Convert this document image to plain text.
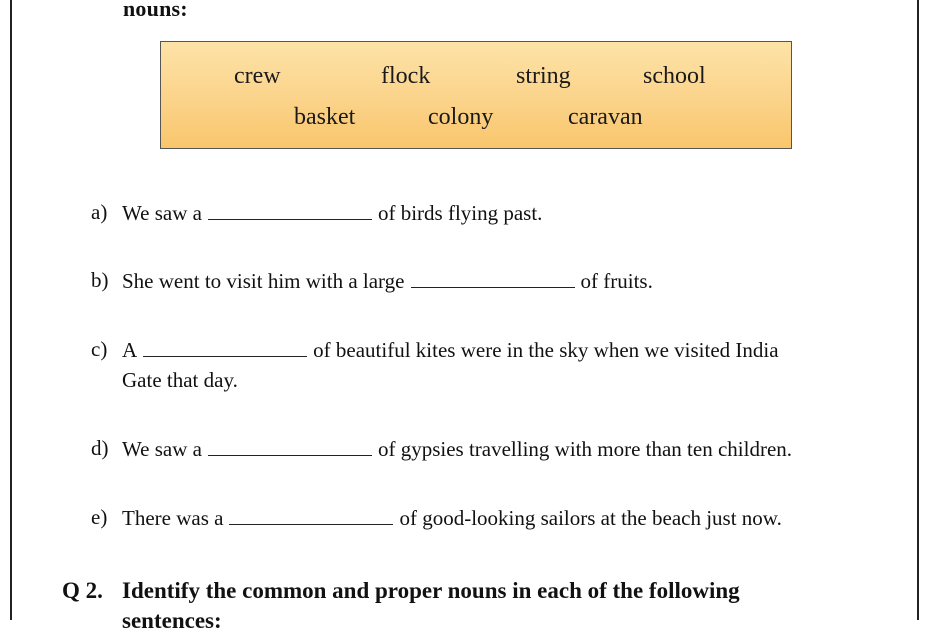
nouns:
crew	flock	string	school
basket	colony	caravan
a) We saw a	of birds flying past.
b) She went to visit him with a large	of fruits.
c) A	of beautiful kites were in the sky when we visited India
Gate that day.
d) We saw a	of gypsies travelling with more than ten children.
e) There was a	of good-looking sailors at the beach just now.
Q 2. Identify the common and proper nouns in each of the following
sentences:
